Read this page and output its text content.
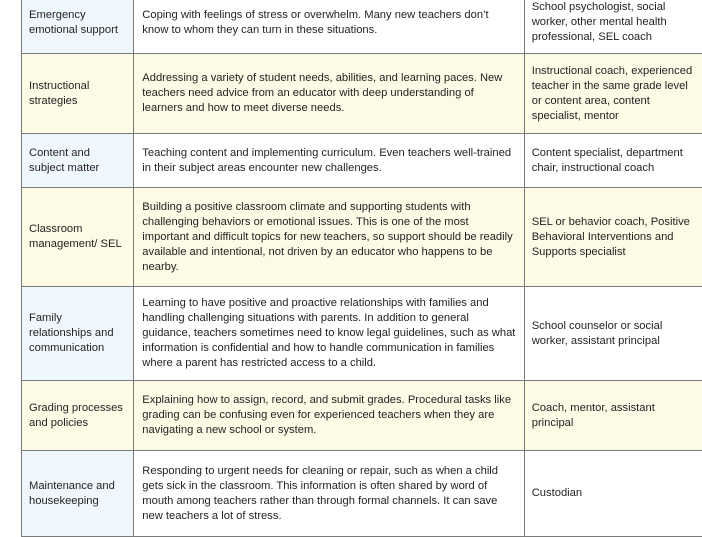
Emergency emotional support	Coping with feelings of stress or overwhelm. Many new teachers don’t know to whom they can turn in these situations.	School psychologist, social worker, other mental health professional, SEL coach
Instructional strategies	Addressing a variety of student needs, abilities, and learning paces. New teachers need advice from an educator with deep understanding of learners and how to meet diverse needs.	Instructional coach, experienced teacher in the same grade level or content area, content specialist, mentor
Content and subject matter	Teaching content and implementing curriculum. Even teachers well-trained in their subject areas encounter new challenges.	Content specialist, department chair, instructional coach
Classroom management/ SEL	Building a positive classroom climate and supporting students with challenging behaviors or emotional issues. This is one of the most important and difficult topics for new teachers, so support should be readily available and intentional, not driven by an educator who happens to be nearby.	SEL or behavior coach, Positive Behavioral Interventions and Supports specialist
Family relationships and communication	Learning to have positive and proactive relationships with families and handling challenging situations with parents. In addition to general guidance, teachers sometimes need to know legal guidelines, such as what information is confidential and how to handle communication in families where a parent has restricted access to a child.	School counselor or social worker, assistant principal
Grading processes and policies	Explaining how to assign, record, and submit grades. Procedural tasks like grading can be confusing even for experienced teachers when they are navigating a new school or system.	Coach, mentor, assistant principal
Maintenance and housekeeping	Responding to urgent needs for cleaning or repair, such as when a child gets sick in the classroom. This information is often shared by word of mouth among teachers rather than through formal channels. It can save new teachers a lot of stress.	Custodian
